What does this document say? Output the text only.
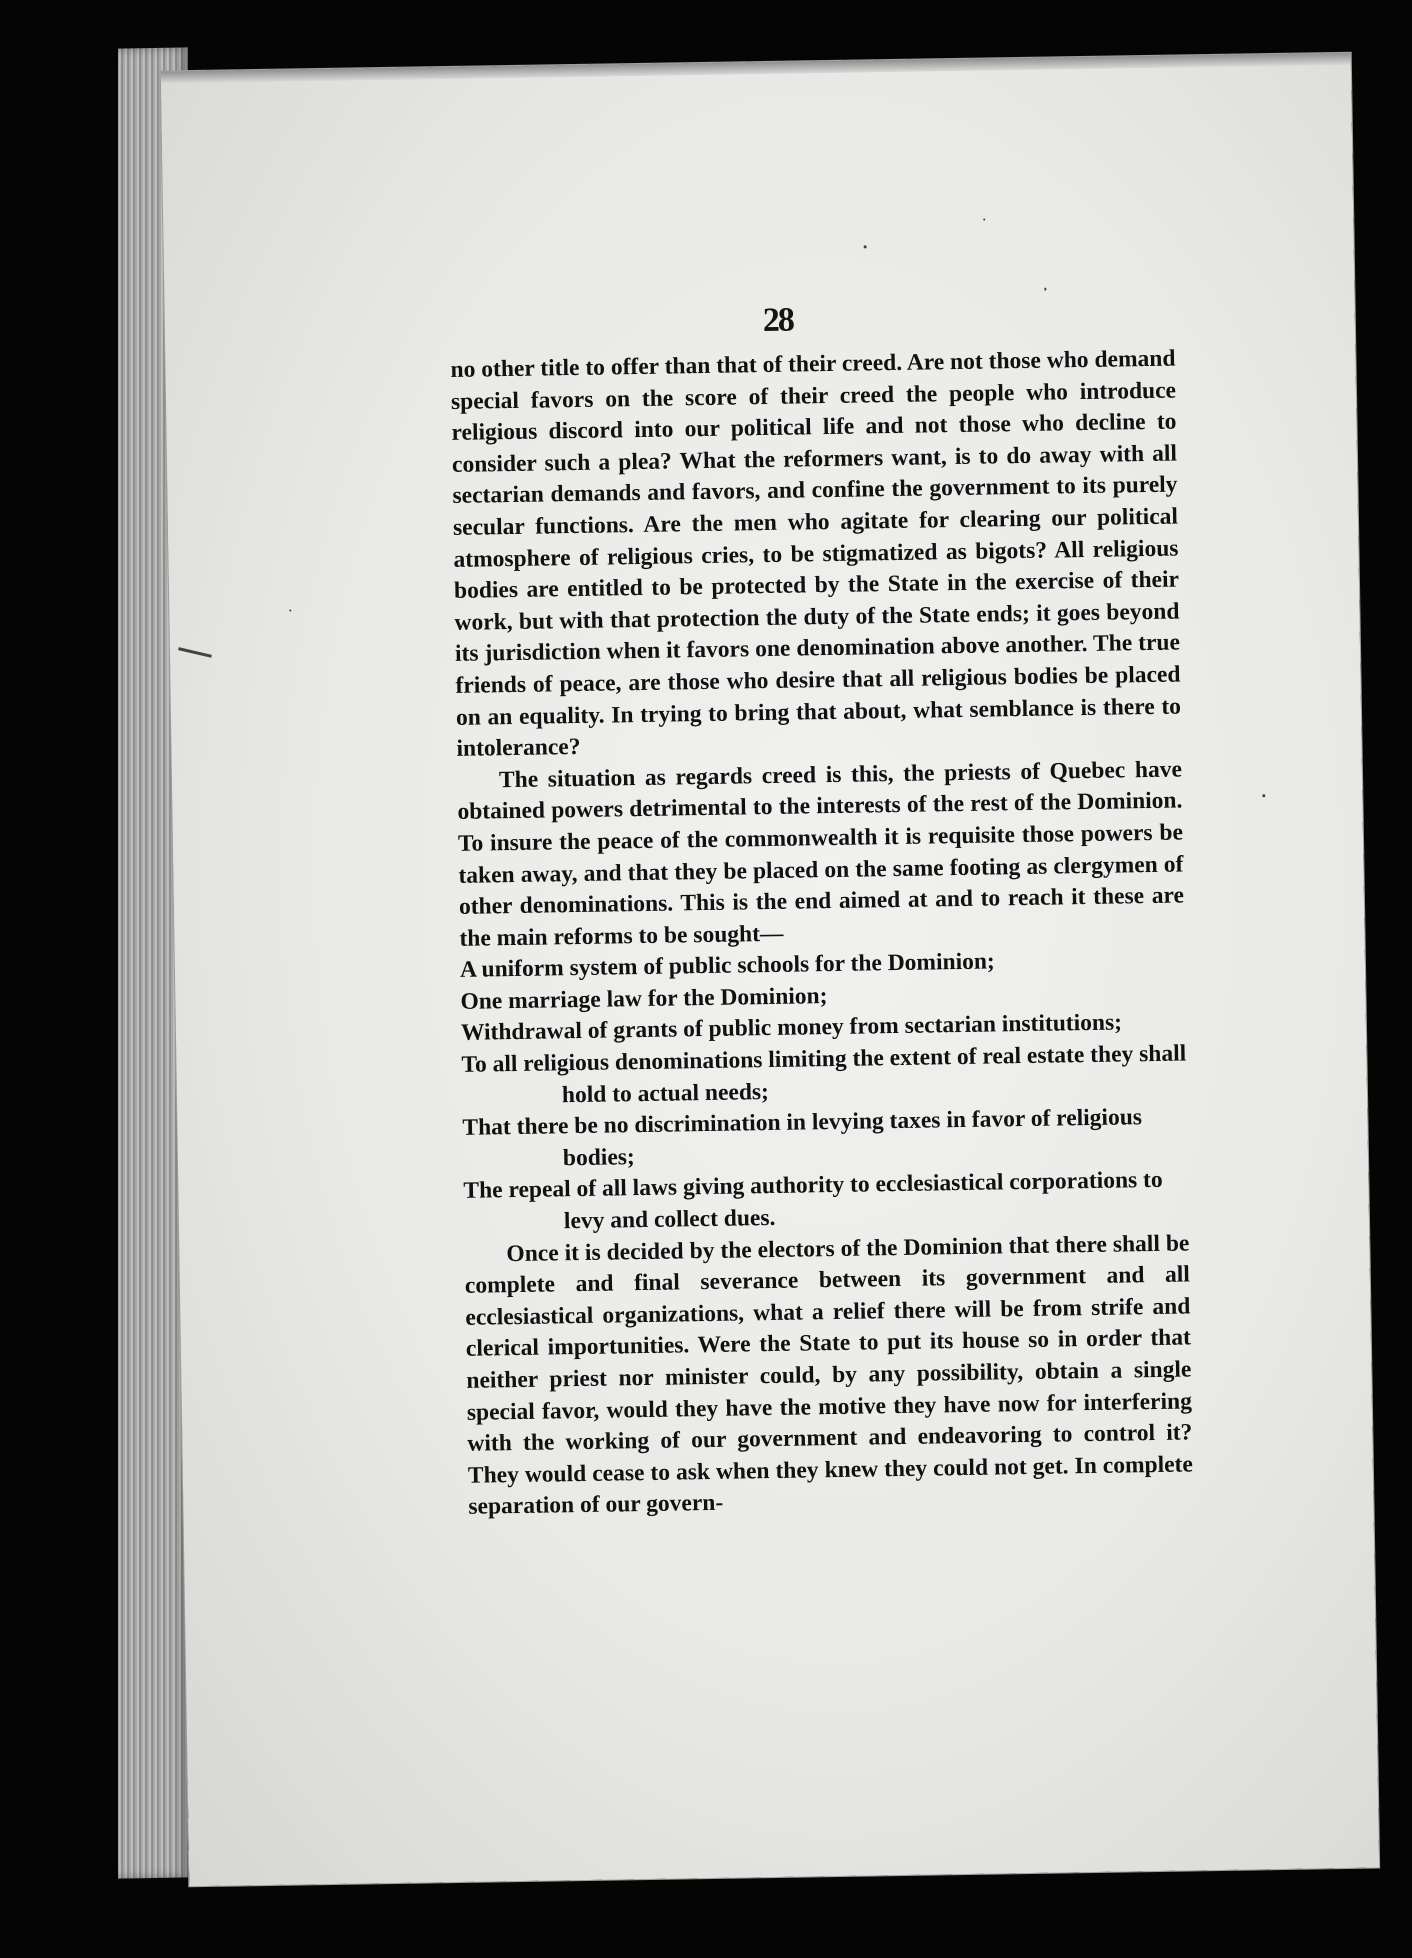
28

no other title to offer than that of their creed. Are not those who demand special favors on the score of their creed the people who introduce religious discord into our political life and not those who decline to consider such a plea? What the reformers want, is to do away with all sectarian demands and favors, and confine the government to its purely secular functions. Are the men who agitate for clearing our political atmosphere of religious cries, to be stigmatized as bigots? All religious bodies are entitled to be protected by the State in the exercise of their work, but with that protection the duty of the State ends; it goes beyond its jurisdiction when it favors one denomination above another. The true friends of peace, are those who desire that all religious bodies be placed on an equality. In trying to bring that about, what semblance is there to intolerance?

The situation as regards creed is this, the priests of Quebec have obtained powers detrimental to the interests of the rest of the Dominion. To insure the peace of the commonwealth it is requisite those powers be taken away, and that they be placed on the same footing as clergymen of other denominations. This is the end aimed at and to reach it these are the main reforms to be sought—

A uniform system of public schools for the Dominion;
One marriage law for the Dominion;
Withdrawal of grants of public money from sectarian institutions;
To all religious denominations limiting the extent of real estate they shall hold to actual needs;
That there be no discrimination in levying taxes in favor of religious bodies;
The repeal of all laws giving authority to ecclesiastical corporations to levy and collect dues.

Once it is decided by the electors of the Dominion that there shall be complete and final severance between its government and all ecclesiastical organizations, what a relief there will be from strife and clerical importunities. Were the State to put its house so in order that neither priest nor minister could, by any possibility, obtain a single special favor, would they have the motive they have now for interfering with the working of our government and endeavoring to control it? They would cease to ask when they knew they could not get. In complete separation of our govern-
